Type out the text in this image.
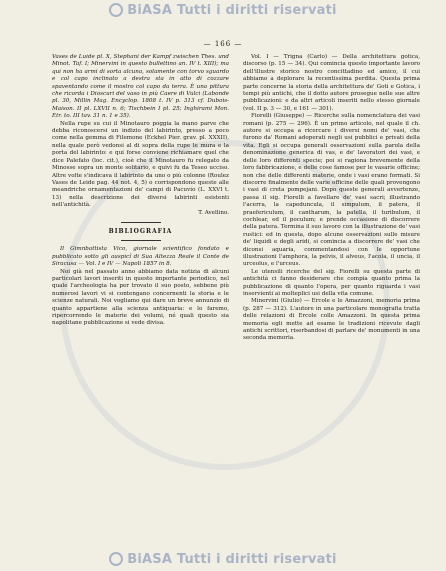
BiASA Tutti i diritti riservati
— 166 —

Vases de Luide pl. X, Stephani der Kampf zwischen Thes. und Minot. Taf. I; Minervini in questo bullettino an. IV t. XIII); ma qui non ha armi di sorta alcuna, solamente con torvo sguardo e col capo inclinato a destra sta in atto di cozzare spaventando come il mostro col capo da terra. È una pittura che ricorda i Dioscuri del vaso in più Caere di Vulci (Labonde pl. 30, Millin Mag. Encyclop. 1808 t. IV p. 313 cf. Dubois-Maison. II pl. LXVII n. 6; Tischbein I pl. 25; Inghirami Mon. Etr. to. III tav. 31 n. 1 e 35).

Nella rupe su cui il Minotauro poggia la mano parve che debba riconoscersi un indizio del labirinto, presso a poco come nella gemma di Filemone (Eckhel Pier. grav. pl. XXXII), nella quale però vedonsi al di sopra della rupe le mura e la porta del labirinto: e qui forse conviene richiamare quel che dice Palefato (loc. cit.), cioè che il Minotauro fu relegato da Minosse sopra un monte solitario, e quivi fu da Teseo ucciso. Altre volte s'indicava il labirinto da uno o più colonne (Roulez Vases de Leide pag. 44 not. 4, 5) o corrispondono queste alle meandriche ornamentazioni de' campi di Pacuvio (L. XXVI t. 13) nella descrizione dei diversi labirinti esistenti nell'antichità.

T. Avellino.

BIBLIOGRAFIA

Il Gimnbattista Vico, giornale scientifico fondato e pubblicato sotto gli auspicî di Sua Altezza Reale il Conte de Siracusa — Vol. I e IV — Napoli 1857 in 8.

Noi già nel passato anno abbiamo data notizia di alcuni particolari lavori inseriti in questo importante periodico, nel quale l'archeologia ha per trovato il suo posto, sebbene più numerosi lavori vi si contengano concernenti la storia e le scienze naturali. Noi vogliamo qui dare un breve annunzio di quanto appartiene alla scienza antiquaria: e lo faremo, ripercorrendo le materie dei volumi, né quali questo sia napolitane pubblicazione si vede divisa.

Vol. I — Trigna (Carlo) — Della architettura gotica, discorso (p. 15 — 34). Qui comincia questo importante lavoro dell'illustre storico nostro concittadino ed amico, il cui abbiamo a deplorare la recentissima perdita. Questa prima parte concerne la storia della architettura de' Goti e Gotica, i tempi più antichi, che il dotto autore prosegue nelle sue altre pubblicazioni: e da altri articoli inseriti nello stesso giornale (vol. II p. 3 — 30, e 161 — 301).

Fiorelli (Giuseppe) — Ricerche sulla nomenclatura dei vasi romani (p. 275 — 296). È un primo articolo, nel quale il ch. autore si occupa a ricercare i diversi nomi de' vasi, che furono da' Romani adoperati negli usi pubblici e privati della vita. Egli si occupa generali osservazioni sulla parola della denominazione generica di vas, e de' lavoratori dei vasi, e delle loro differenti specie; poi si ragiona brevemente della loro fabbricazione, e delle cose famose per le vasarie officine; non che delle differenti materie, onde i vasi erano formati. Si discorre finalmente delle varie officine delle quali provengono i vasi di creta pompejani. Dopo queste generali avvertenze, passa il sig. Fiorelli a favellare de' vasi sacri; illustrando l'acerra, la capeduncula, il simpulum, il patera, il praefericulum, il cantharum, la patella, il turibulum, il cochlear, ed il poculum; e prende occasione di discorrere della patera. Termina il suo lavoro con la illustrazione de' vasi rustici: ed in questa, dopo alcune osservazioni sulle misure de' liquidi e degli aridi, si comincia a discorrere de' vasi che diconsi aquaria, commentandosi con le opportune illustrazioni l'amphora, la pelvis, il alveus, l'acola, il uncia, il urceolus, e l'urceus.

Le utensili ricerche del sig. Fiorelli su questa parte di antichità ci fanno desiderare che compia quanto prima la pubblicazione di quanto l'opera, per quanto riguarda i vasi inservienti ai molteplici usi della vita comune.

Minervini (Giulio) — Ercole e le Amazzoni, memoria prima (p. 287 — 312). L'autore in una particolare monografia tratta delle relazioni di Ercole colle Amazzoni. In questa prima memoria egli mette ad esame le tradizioni ricevute dagli antichi scrittori, riserbandosi di parlare de' monumenti in una seconda memoria.

BiASA Tutti i diritti riservati
